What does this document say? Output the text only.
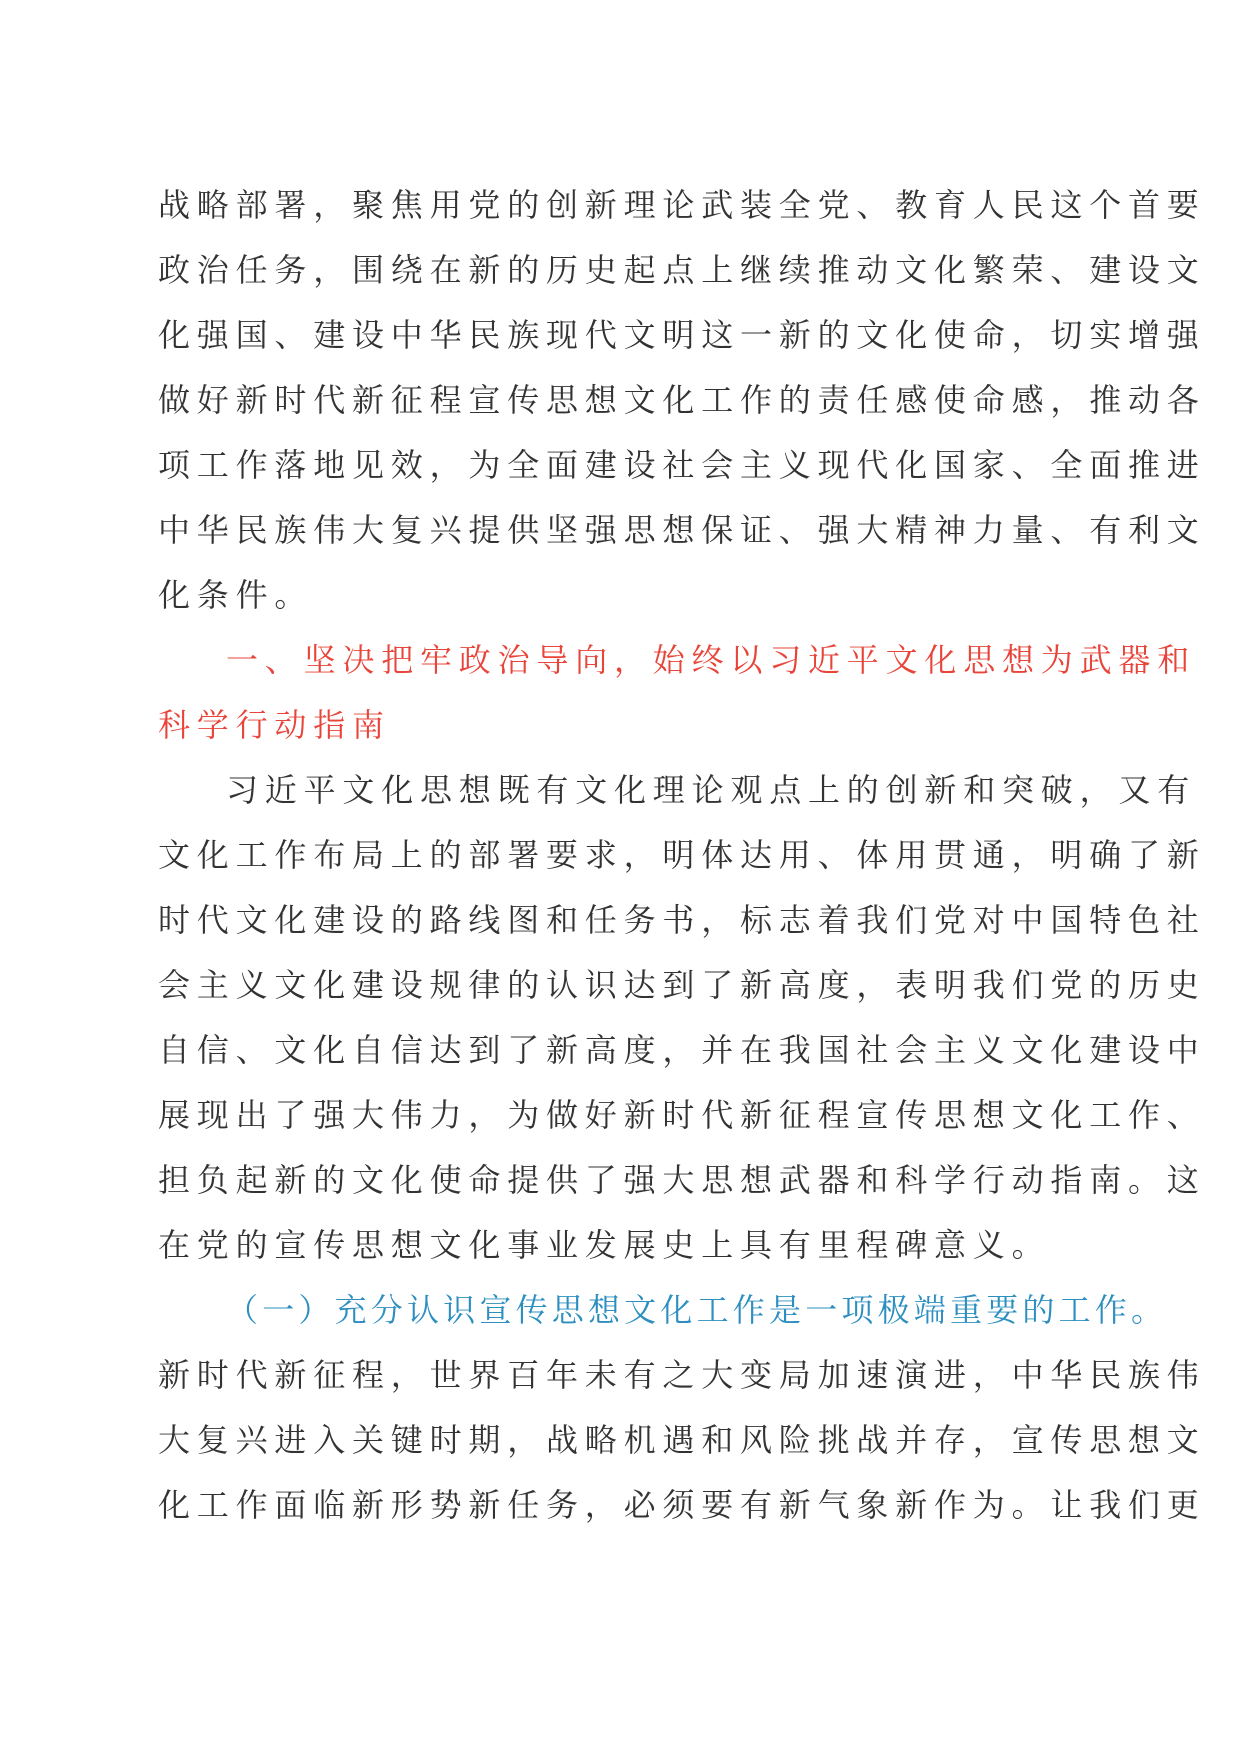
战略部署，聚焦用党的创新理论武装全党、教育人民这个首要
政治任务，围绕在新的历史起点上继续推动文化繁荣、建设文
化强国、建设中华民族现代文明这一新的文化使命，切实增强
做好新时代新征程宣传思想文化工作的责任感使命感，推动各
项工作落地见效，为全面建设社会主义现代化国家、全面推进
中华民族伟大复兴提供坚强思想保证、强大精神力量、有利文
化条件。
一、坚决把牢政治导向，始终以习近平文化思想为武器和
科学行动指南
习近平文化思想既有文化理论观点上的创新和突破，又有
文化工作布局上的部署要求，明体达用、体用贯通，明确了新
时代文化建设的路线图和任务书，标志着我们党对中国特色社
会主义文化建设规律的认识达到了新高度，表明我们党的历史
自信、文化自信达到了新高度，并在我国社会主义文化建设中
展现出了强大伟力，为做好新时代新征程宣传思想文化工作、
担负起新的文化使命提供了强大思想武器和科学行动指南。这
在党的宣传思想文化事业发展史上具有里程碑意义。
（一）充分认识宣传思想文化工作是一项极端重要的工作。
新时代新征程，世界百年未有之大变局加速演进，中华民族伟
大复兴进入关键时期，战略机遇和风险挑战并存，宣传思想文
化工作面临新形势新任务，必须要有新气象新作为。让我们更
